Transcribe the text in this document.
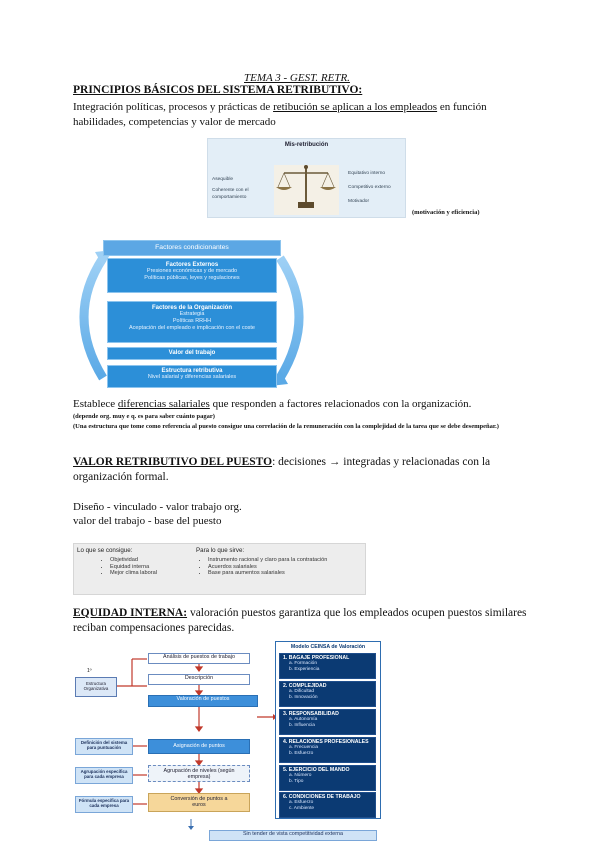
TEMA 3 - GEST. RETR.
PRINCIPIOS BÁSICOS DEL SISTEMA RETRIBUTIVO:
Integración políticas, procesos y prácticas de retibución se aplican a los empleados en función habilidades, competencias y valor de mercado
Mis-retribución
Asequible
Coherente con el
comportamiento
Equitativo interno
Competitivo externo
Motivador
(motivación y eficiencia)
Factores condicionantes
Factores Externos
Presiones económicas y de mercado
Políticas públicas, leyes y regulaciones
Factores de la Organización
Estrategia
Políticas RRHH
Aceptación del empleado e implicación con el coste
Valor del trabajo
Estructura retributiva
Nivel salarial y diferencias salariales
Establece diferencias salariales que responden a factores relacionados con la organización.
(depende org. muy e q. es para saber cuánto pagar)
(Una estructura que tome como referencia al puesto consigue una correlación de la remuneración con la complejidad de la tarea que se debe desempeñar.)
VALOR RETRIBUTIVO DEL PUESTO: decisiones → integradas y relacionadas con la organización formal.
Diseño - vinculado - valor trabajo org.
valor del trabajo - base del puesto
Lo que se consigue:
• Objetividad
• Equidad interna
• Mejor clima laboral
Para lo que sirve:
• Instrumento racional y claro para la contratación
• Acuerdos salariales
• Base para aumentos salariales
EQUIDAD INTERNA: valoración puestos garantiza que los empleados ocupen puestos similares reciban compensaciones parecidas.
1º
Estructura Organizativa
Análisis de puestos de trabajo
Descripción
Valoración de puestos
Asignación de puntos
Agrupación de niveles (según empresa)
Conversión de puntos a euros
Definición del sistema para puntuación
Agrupación específica para cada empresa
Fórmula específica para cada empresa
Sin tender de vista competitividad externa
Modelo CEINSA de Valoración
1. BAGAJE PROFESIONAL
a. Formación
b. Experiencia
2. COMPLEJIDAD
a. Dificultad
b. Innovación
3. RESPONSABILIDAD
a. Autonomía
b. Influencia
4. RELACIONES PROFESIONALES
a. Frecuencia
b. Esfuerzo
5. EJERCICIO DEL MANDO
a. Número
b. Tipo
6. CONDICIONES DE TRABAJO
a. Esfuerzo
c. Ambiente
